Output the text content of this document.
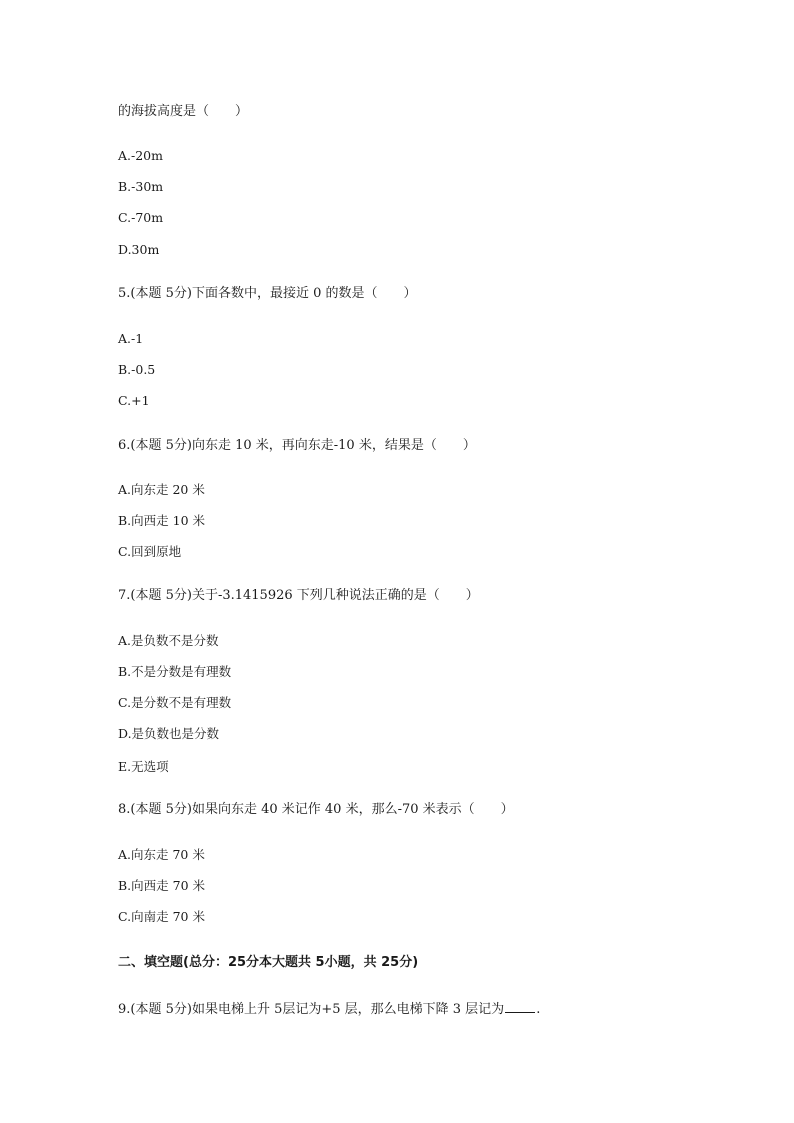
的海拔高度是（　　）
A.-20m
B.-30m
C.-70m
D.30m
5.(本题 5分)下面各数中，最接近 0 的数是（　　）
A.-1
B.-0.5
C.+1
6.(本题 5分)向东走 10 米，再向东走-10 米，结果是（　　）
A.向东走 20 米
B.向西走 10 米
C.回到原地
7.(本题 5分)关于-3.1415926 下列几种说法正确的是（　　）
A.是负数不是分数
B.不是分数是有理数
C.是分数不是有理数
D.是负数也是分数
E.无选项
8.(本题 5分)如果向东走 40 米记作 40 米，那么-70 米表示（　　）
A.向东走 70 米
B.向西走 70 米
C.向南走 70 米
二、填空题(总分：25分本大题共 5小题，共 25分)
9.(本题 5分)如果电梯上升 5层记为+5 层，那么电梯下降 3 层记为 .
